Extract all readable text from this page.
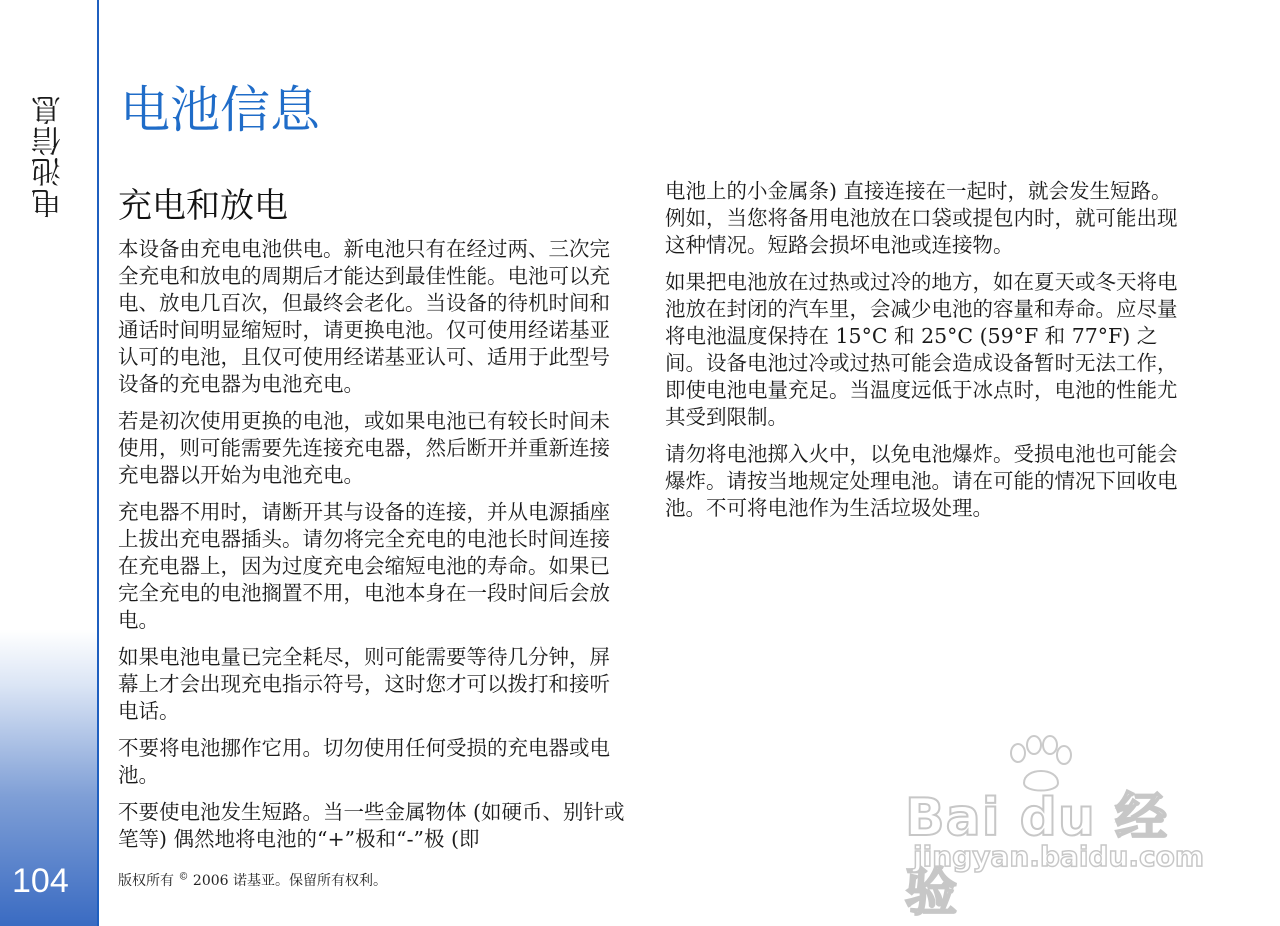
电池信息
104
电池信息
充电和放电

本设备由充电电池供电。新电池只有在经过两、三次完全充电和放电的周期后才能达到最佳性能。电池可以充电、放电几百次，但最终会老化。当设备的待机时间和通话时间明显缩短时，请更换电池。仅可使用经诺基亚认可的电池，且仅可使用经诺基亚认可、适用于此型号设备的充电器为电池充电。

若是初次使用更换的电池，或如果电池已有较长时间未使用，则可能需要先连接充电器，然后断开并重新连接充电器以开始为电池充电。

充电器不用时，请断开其与设备的连接，并从电源插座上拔出充电器插头。请勿将完全充电的电池长时间连接在充电器上，因为过度充电会缩短电池的寿命。如果已完全充电的电池搁置不用，电池本身在一段时间后会放电。

如果电池电量已完全耗尽，则可能需要等待几分钟，屏幕上才会出现充电指示符号，这时您才可以拨打和接听电话。

不要将电池挪作它用。切勿使用任何受损的充电器或电池。

不要使电池发生短路。当一些金属物体 (如硬币、别针或笔等) 偶然地将电池的“+”极和“-”极 (即

电池上的小金属条) 直接连接在一起时，就会发生短路。例如，当您将备用电池放在口袋或提包内时，就可能出现这种情况。短路会损坏电池或连接物。

如果把电池放在过热或过冷的地方，如在夏天或冬天将电池放在封闭的汽车里，会减少电池的容量和寿命。应尽量将电池温度保持在 15°C 和 25°C (59°F 和 77°F) 之间。设备电池过冷或过热可能会造成设备暂时无法工作，即使电池电量充足。当温度远低于冰点时，电池的性能尤其受到限制。

请勿将电池掷入火中，以免电池爆炸。受损电池也可能会爆炸。请按当地规定处理电池。请在可能的情况下回收电池。不可将电池作为生活垃圾处理。

版权所有 © 2006 诺基亚。保留所有权利。
Bai du 经验
jingyan.baidu.com
